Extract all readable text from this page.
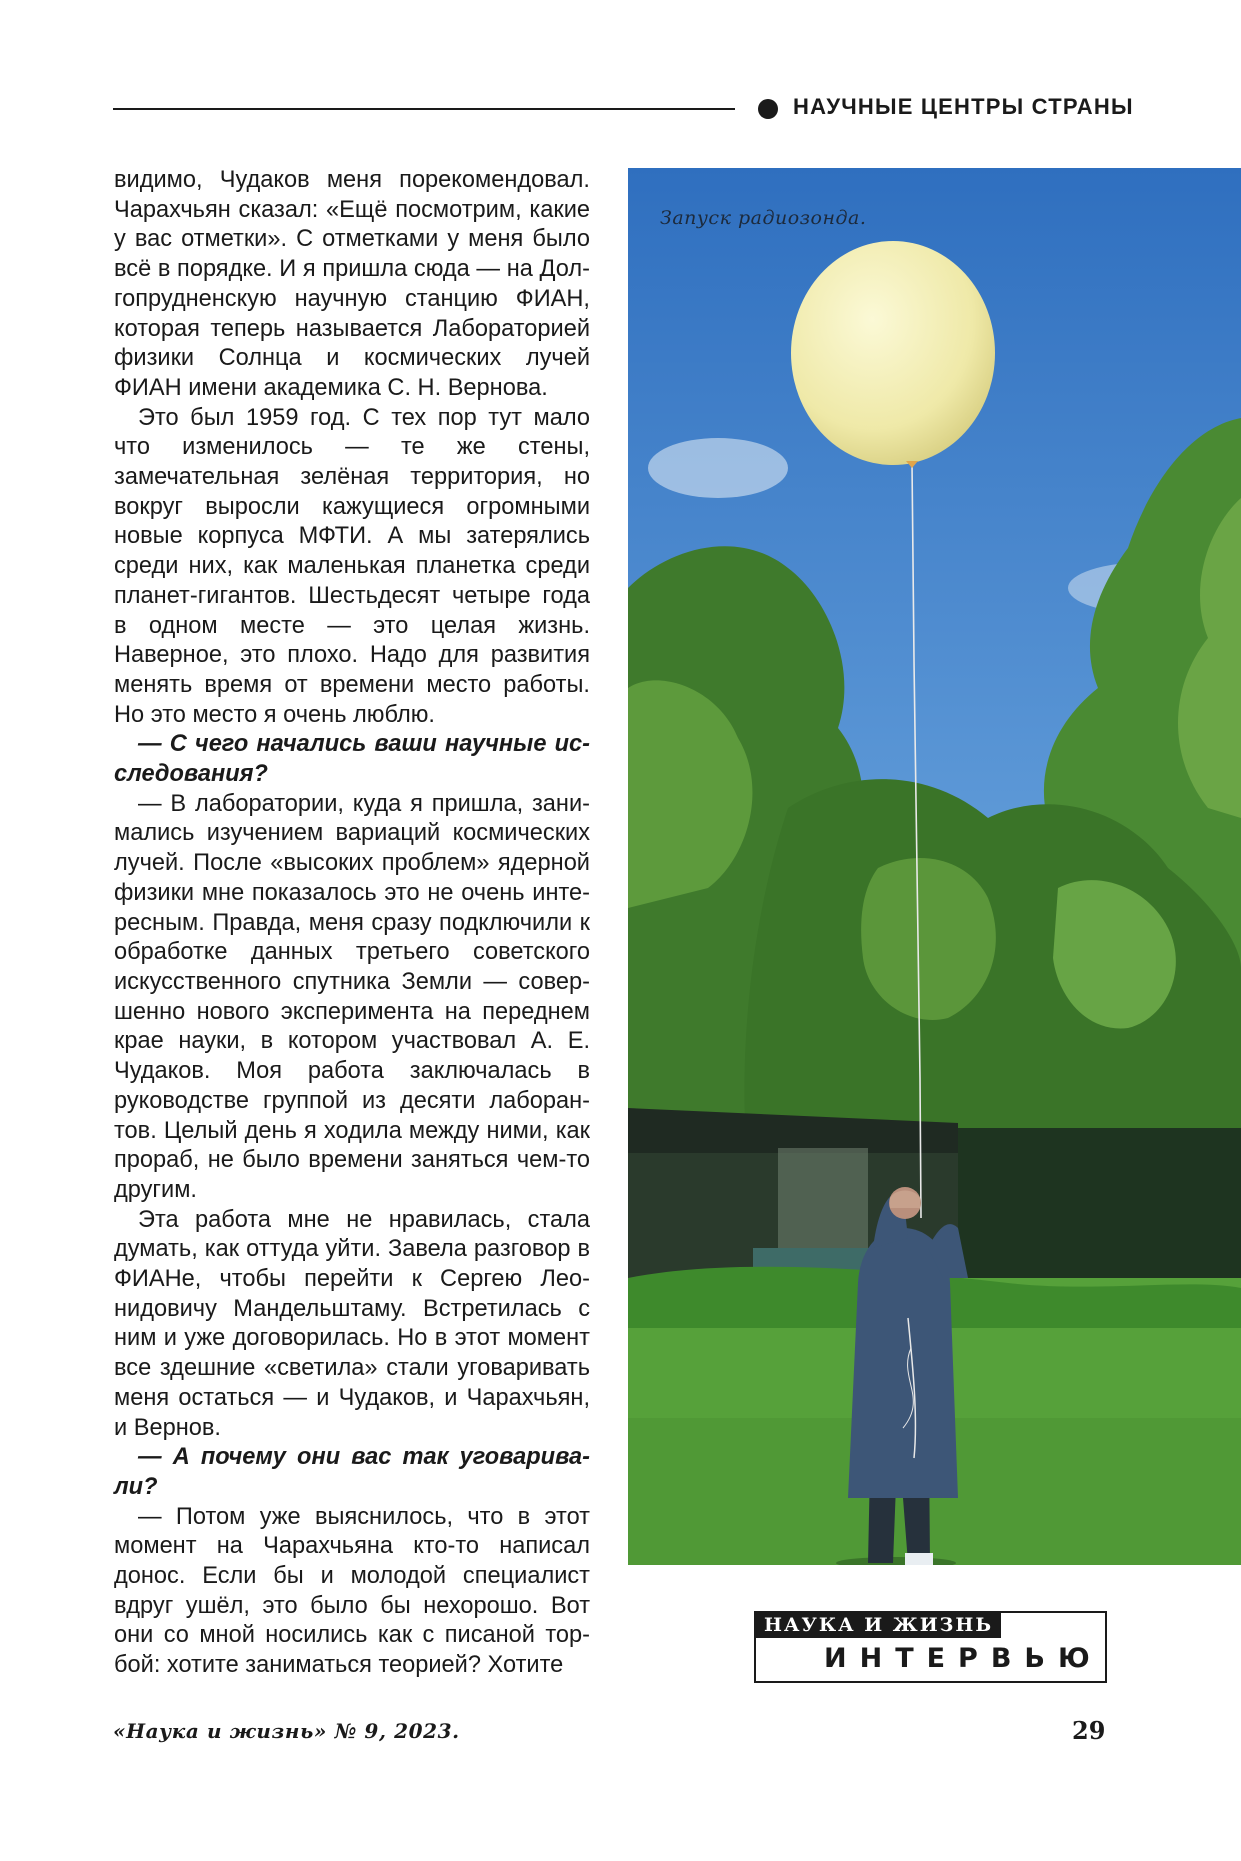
НАУЧНЫЕ ЦЕНТРЫ СТРАНЫ

видимо, Чудаков меня порекомендовал. Чарахчьян сказал: «Ещё посмотрим, какие у вас отметки». С отметками у меня было всё в порядке. И я пришла сюда — на Долгопрудненскую научную станцию ФИАН, которая теперь называется Лабораторией физики Солнца и космических лучей ФИАН имени академика С. Н. Вернова.

Это был 1959 год. С тех пор тут мало что изменилось — те же стены, замечательная зелёная территория, но вокруг выросли кажущиеся огромными новые корпуса МФТИ. А мы затерялись среди них, как маленькая планетка среди планет-гигантов. Шестьдесят четыре года в одном месте — это целая жизнь. Наверное, это плохо. Надо для развития менять время от времени место работы. Но это место я очень люблю.

— С чего начались ваши научные исследования?

— В лаборатории, куда я пришла, занимались изучением вариаций космических лучей. После «высоких проблем» ядерной физики мне показалось это не очень интересным. Правда, меня сразу подключили к обработке данных третьего советского искусственного спутника Земли — совершенно нового эксперимента на переднем крае науки, в котором участвовал А. Е. Чудаков. Моя работа заключалась в руководстве группой из десяти лаборантов. Целый день я ходила между ними, как прораб, не было времени заняться чем-то другим.

Эта работа мне не нравилась, стала думать, как оттуда уйти. Завела разговор в ФИАНе, чтобы перейти к Сергею Леонидовичу Мандельштаму. Встретилась с ним и уже договорилась. Но в этот момент все здешние «светила» стали уговаривать меня остаться — и Чудаков, и Чарахчьян, и Вернов.

— А почему они вас так уговаривали?

— Потом уже выяснилось, что в этот момент на Чарахчьяна кто-то написал донос. Если бы и молодой специалист вдруг ушёл, это было бы нехорошо. Вот они со мной носились как с писаной торбой: хотите заниматься теорией? Хотите

Запуск радиозонда.
НАУКА И ЖИЗНЬ
ИНТЕРВЬЮ
«Наука и жизнь» № 9, 2023.	29
